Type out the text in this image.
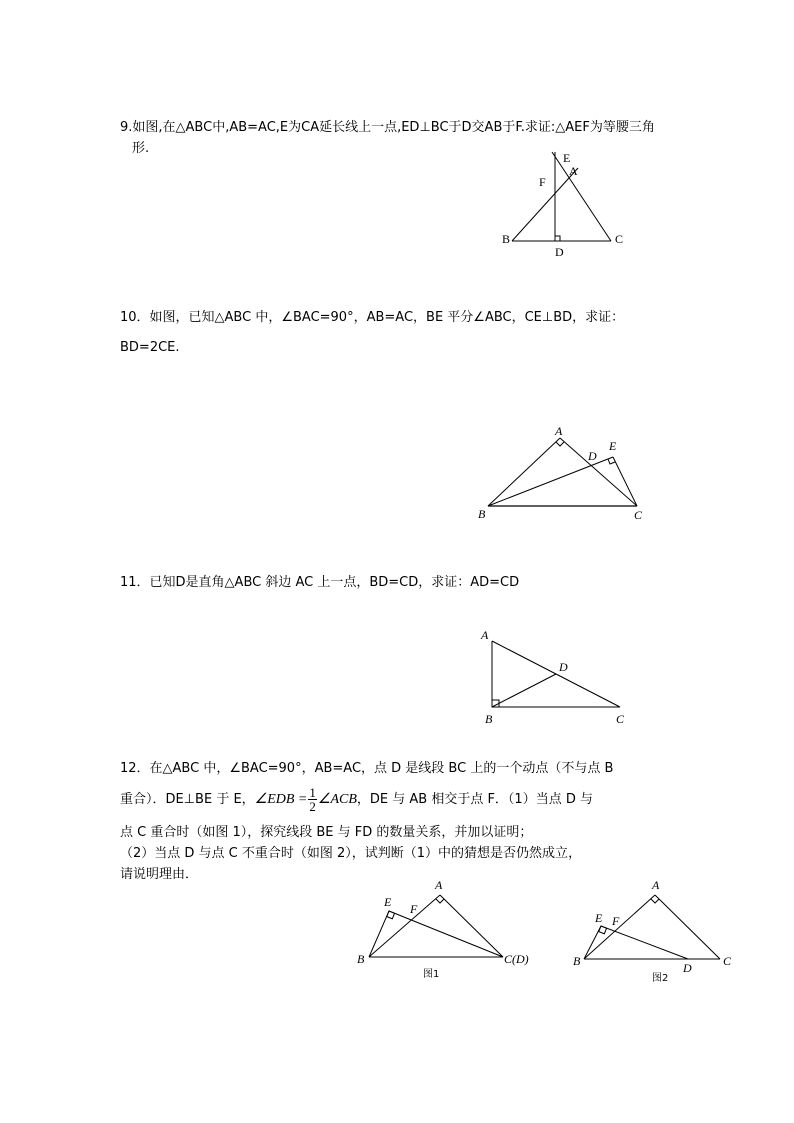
9.如图,在△ABC中,AB=AC,E为CA延长线上一点,ED⊥BC于D交AB于F.求证:△AEF为等腰三角
形.
E
A
F
B
D
C
10．如图，已知△ABC 中，∠BAC=90°，AB=AC，BE 平分∠ABC，CE⊥BD，求证：
BD=2CE.
A
D
E
B	C
11．已知D是直角△ABC 斜边 AC 上一点，BD=CD，求证：AD=CD
A
D
B	C
12．在△ABC 中，∠BAC=90°，AB=AC，点 D 是线段 BC 上的一个动点（不与点 B
重合）．DE⊥BE 于 E，∠EDB = $\frac{1}{2}$ ∠ACB，DE 与 AB 相交于点 F．（1）当点 D 与
点 C 重合时（如图 1），探究线段 BE 与 FD 的数量关系，并加以证明；
（2）当点 D 与点 C 不重合时（如图 2），试判断（1）中的猜想是否仍然成立，
请说明理由．
A
E F
B	C(D)
图1
A
E F
B	D	C
图2
